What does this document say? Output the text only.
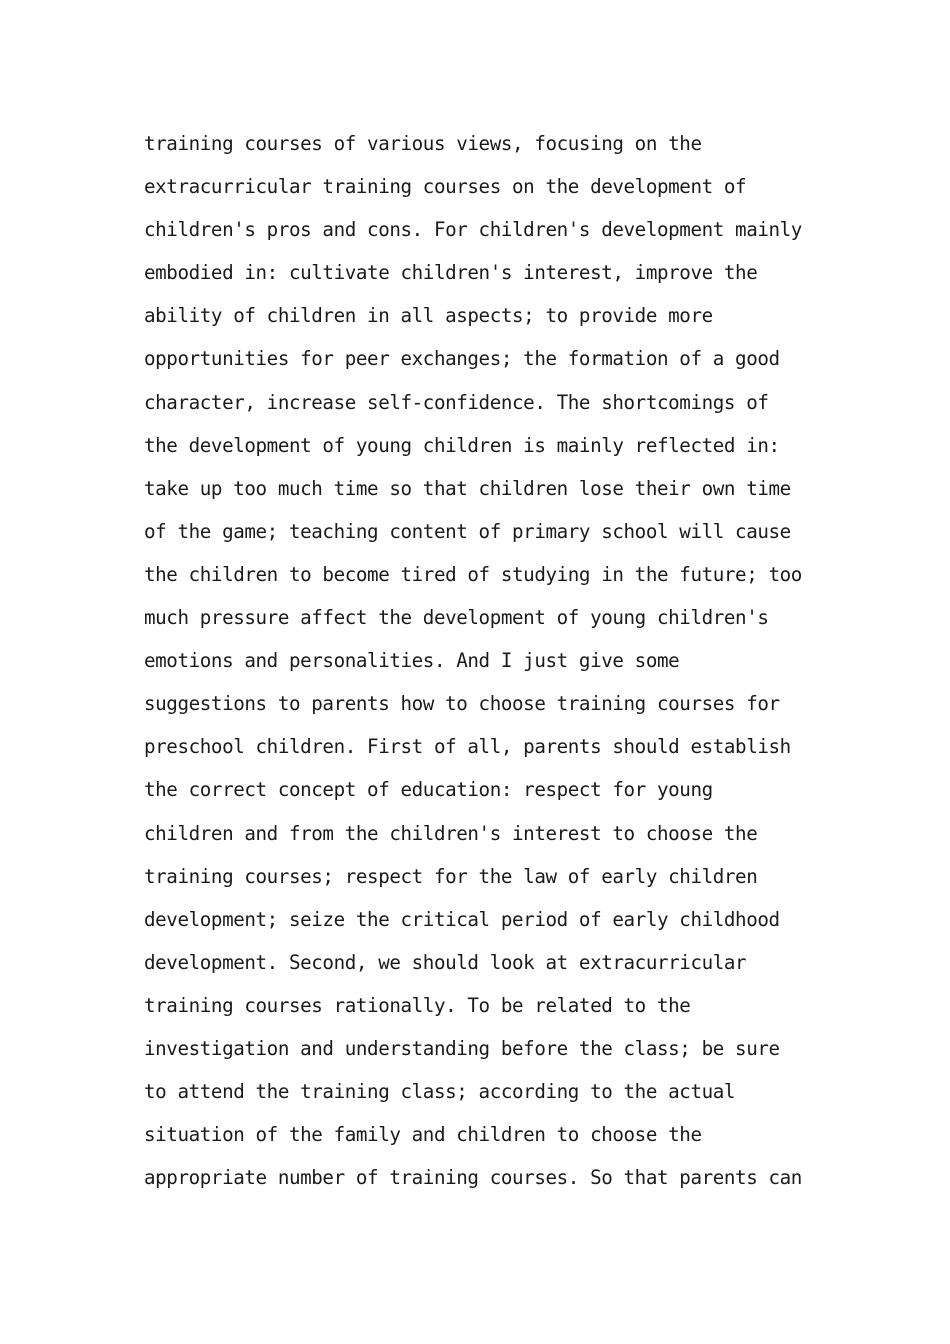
training courses of various views, focusing on the
extracurricular training courses on the development of
children's pros and cons. For children's development mainly
embodied in: cultivate children's interest, improve the
ability of children in all aspects; to provide more
opportunities for peer exchanges; the formation of a good
character, increase self-confidence. The shortcomings of
the development of young children is mainly reflected in:
take up too much time so that children lose their own time
of the game; teaching content of primary school will cause
the children to become tired of studying in the future; too
much pressure affect the development of young children's
emotions and personalities. And I just give some
suggestions to parents how to choose training courses for
preschool children. First of all, parents should establish
the correct concept of education: respect for young
children and from the children's interest to choose the
training courses; respect for the law of early children
development; seize the critical period of early childhood
development. Second, we should look at extracurricular
training courses rationally. To be related to the
investigation and understanding before the class; be sure
to attend the training class; according to the actual
situation of the family and children to choose the
appropriate number of training courses. So that parents can
